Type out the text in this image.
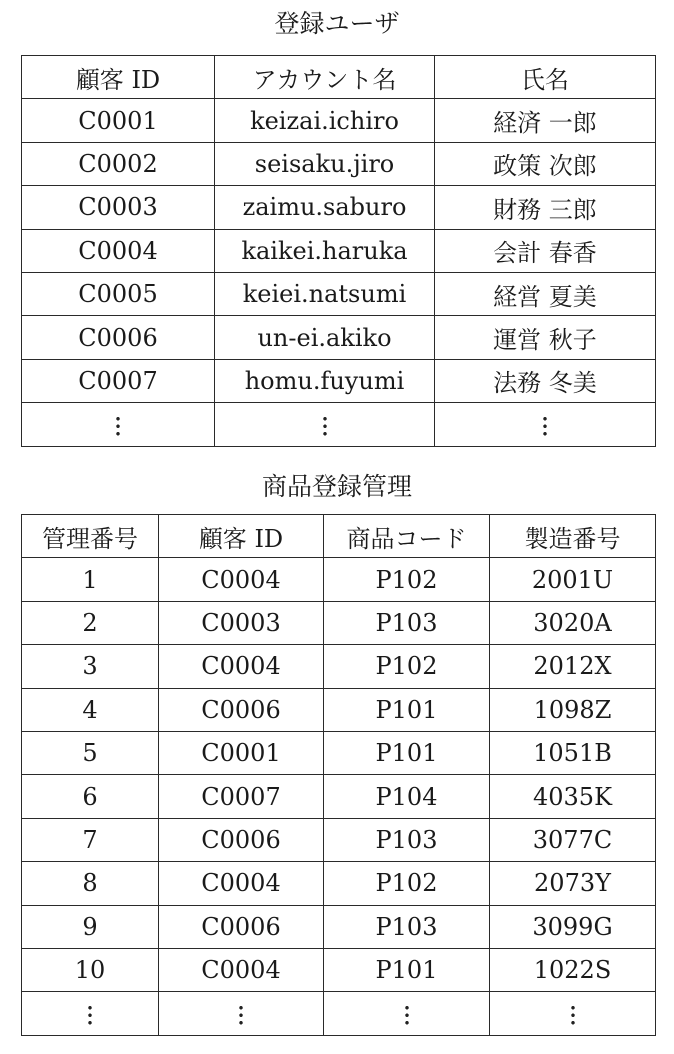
登録ユーザ
顧客 ID	アカウント名	氏名
C0001	keizai.ichiro	経済 一郎
C0002	seisaku.jiro	政策 次郎
C0003	zaimu.saburo	財務 三郎
C0004	kaikei.haruka	会計 春香
C0005	keiei.natsumi	経営 夏美
C0006	un-ei.akiko	運営 秋子
C0007	homu.fuyumi	法務 冬美

商品登録管理
管理番号	顧客 ID	商品コード	製造番号
1	C0004	P102	2001U
2	C0003	P103	3020A
3	C0004	P102	2012X
4	C0006	P101	1098Z
5	C0001	P101	1051B
6	C0007	P104	4035K
7	C0006	P103	3077C
8	C0004	P102	2073Y
9	C0006	P103	3099G
10	C0004	P101	1022S
